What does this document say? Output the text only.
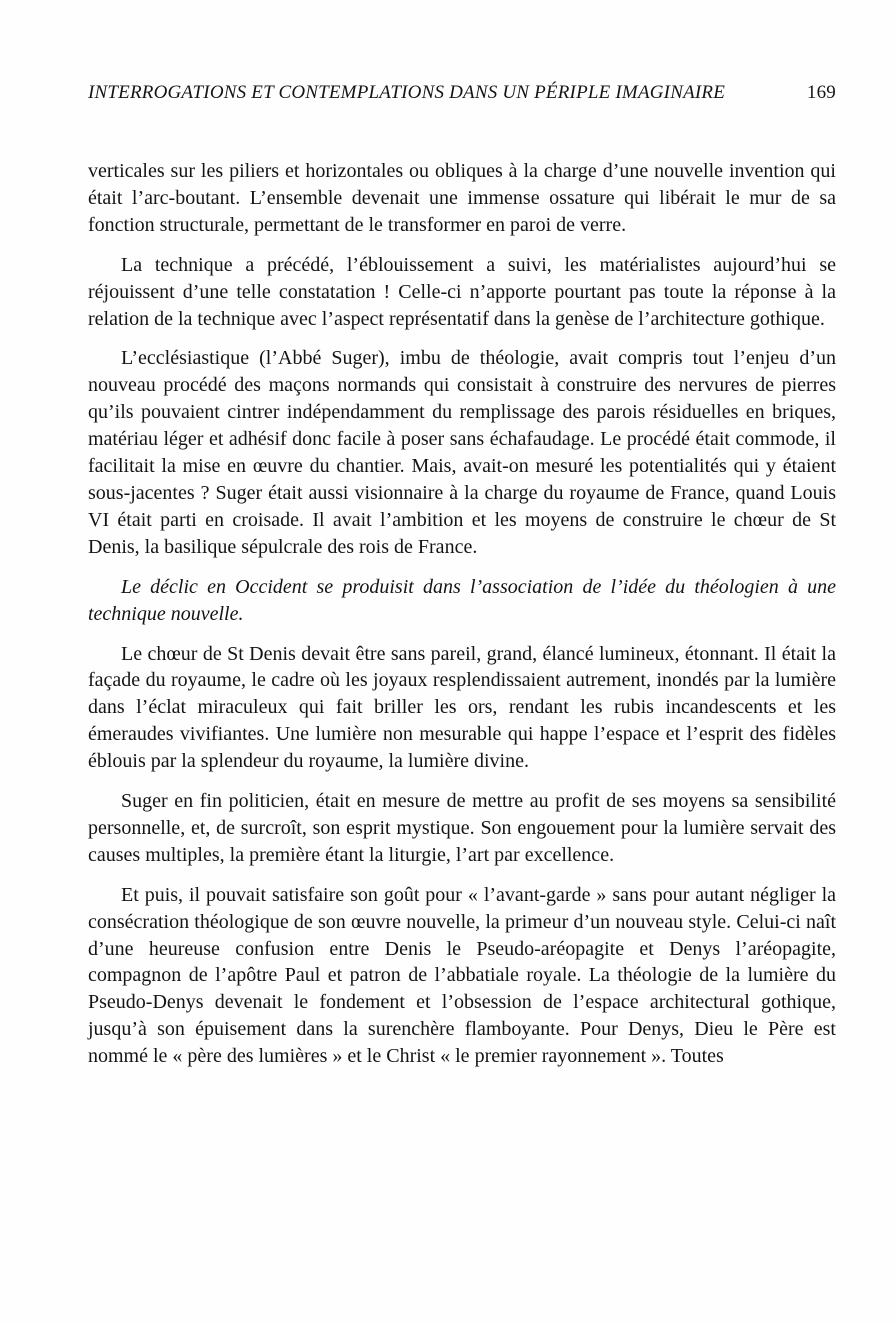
INTERROGATIONS ET CONTEMPLATIONS DANS UN PÉRIPLE IMAGINAIRE	169

verticales sur les piliers et horizontales ou obliques à la charge d’une nouvelle invention qui était l’arc-boutant. L’ensemble devenait une immense ossature qui libérait le mur de sa fonction structurale, permettant de le transformer en paroi de verre.

La technique a précédé, l’éblouissement a suivi, les matérialistes aujourd’hui se réjouissent d’une telle constatation ! Celle-ci n’apporte pourtant pas toute la réponse à la relation de la technique avec l’aspect représentatif dans la genèse de l’architecture gothique.

L’ecclésiastique (l’Abbé Suger), imbu de théologie, avait compris tout l’enjeu d’un nouveau procédé des maçons normands qui consistait à construire des nervures de pierres qu’ils pouvaient cintrer indépendamment du remplissage des parois résiduelles en briques, matériau léger et adhésif donc facile à poser sans échafaudage. Le procédé était commode, il facilitait la mise en œuvre du chantier. Mais, avait-on mesuré les potentialités qui y étaient sous-jacentes ? Suger était aussi visionnaire à la charge du royaume de France, quand Louis VI était parti en croisade. Il avait l’ambition et les moyens de construire le chœur de St Denis, la basilique sépulcrale des rois de France.

Le déclic en Occident se produisit dans l’association de l’idée du théologien à une technique nouvelle.

Le chœur de St Denis devait être sans pareil, grand, élancé lumineux, étonnant. Il était la façade du royaume, le cadre où les joyaux resplendissaient autrement, inondés par la lumière dans l’éclat miraculeux qui fait briller les ors, rendant les rubis incandescents et les émeraudes vivifiantes. Une lumière non mesurable qui happe l’espace et l’esprit des fidèles éblouis par la splendeur du royaume, la lumière divine.

Suger en fin politicien, était en mesure de mettre au profit de ses moyens sa sensibilité personnelle, et, de surcroît, son esprit mystique. Son engouement pour la lumière servait des causes multiples, la première étant la liturgie, l’art par excellence.

Et puis, il pouvait satisfaire son goût pour « l’avant-garde » sans pour autant négliger la consécration théologique de son œuvre nouvelle, la primeur d’un nouveau style. Celui-ci naît d’une heureuse confusion entre Denis le Pseudo-aréopagite et Denys l’aréopagite, compagnon de l’apôtre Paul et patron de l’abbatiale royale. La théologie de la lumière du Pseudo-Denys devenait le fondement et l’obsession de l’espace architectural gothique, jusqu’à son épuisement dans la surenchère flamboyante. Pour Denys, Dieu le Père est nommé le « père des lumières » et le Christ « le premier rayonnement ». Toutes
